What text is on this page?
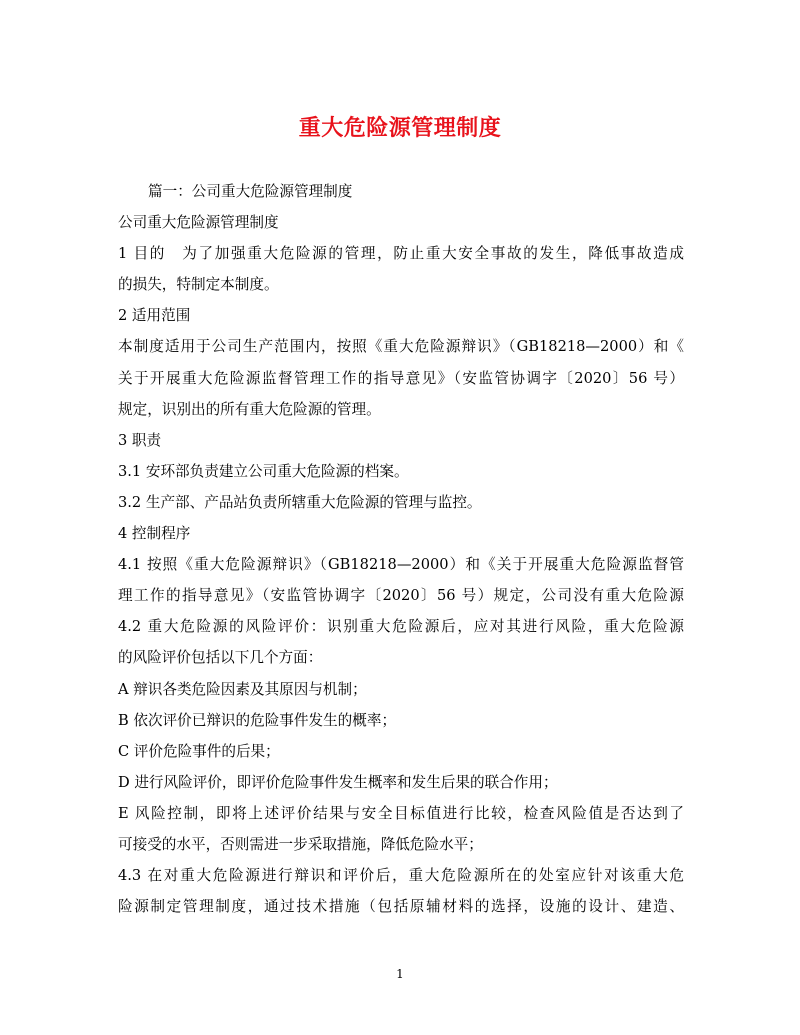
重大危险源管理制度
篇一：公司重大危险源管理制度
公司重大危险源管理制度
1 目的　为了加强重大危险源的管理，防止重大安全事故的发生，降低事故造成
的损失，特制定本制度。
2 适用范围
本制度适用于公司生产范围内，按照《重大危险源辩识》（GB18218—2000）和《
关于开展重大危险源监督管理工作的指导意见》（安监管协调字〔2020〕56 号）
规定，识别出的所有重大危险源的管理。
3 职责
3.1 安环部负责建立公司重大危险源的档案。
3.2 生产部、产品站负责所辖重大危险源的管理与监控。
4 控制程序
4.1 按照《重大危险源辩识》（GB18218—2000）和《关于开展重大危险源监督管
理工作的指导意见》（安监管协调字〔2020〕56 号）规定，公司没有重大危险源
4.2 重大危险源的风险评价：识别重大危险源后，应对其进行风险，重大危险源
的风险评价包括以下几个方面：
A 辩识各类危险因素及其原因与机制；
B 依次评价已辩识的危险事件发生的概率；
C 评价危险事件的后果；
D 进行风险评价，即评价危险事件发生概率和发生后果的联合作用；
E 风险控制，即将上述评价结果与安全目标值进行比较，检查风险值是否达到了
可接受的水平，否则需进一步采取措施，降低危险水平；
4.3 在对重大危险源进行辩识和评价后，重大危险源所在的处室应针对该重大危
险源制定管理制度，通过技术措施（包括原辅材料的选择，设施的设计、建造、
1
